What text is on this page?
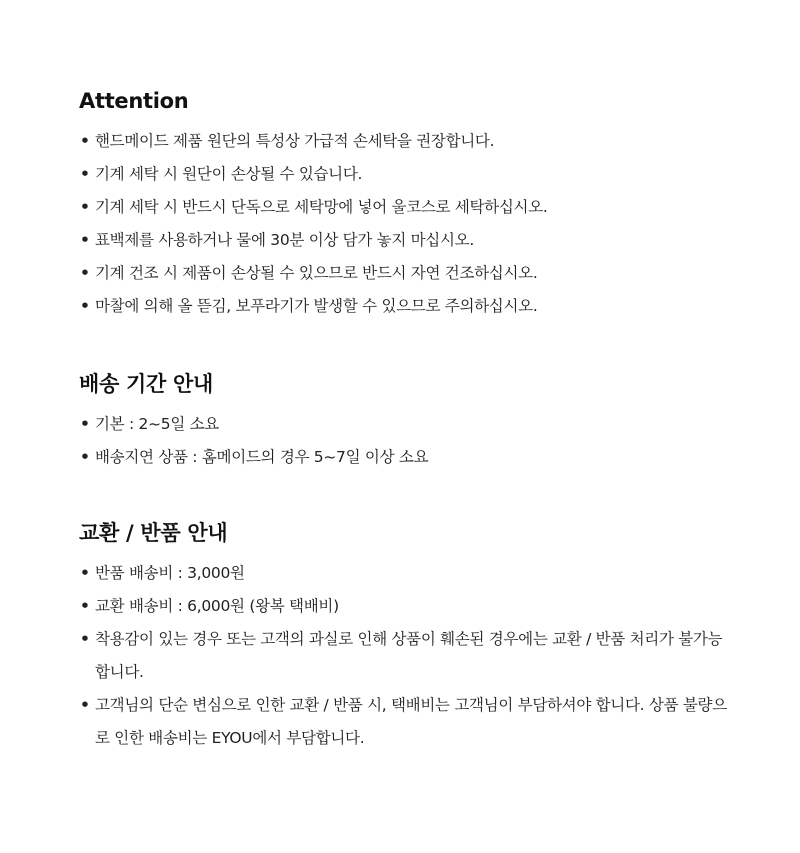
Attention
• 핸드메이드 제품 원단의 특성상 가급적 손세탁을 권장합니다.
• 기계 세탁 시 원단이 손상될 수 있습니다.
• 기계 세탁 시 반드시 단독으로 세탁망에 넣어 울코스로 세탁하십시오.
• 표백제를 사용하거나 물에 30분 이상 담가 놓지 마십시오.
• 기계 건조 시 제품이 손상될 수 있으므로 반드시 자연 건조하십시오.
• 마찰에 의해 올 뜯김, 보푸라기가 발생할 수 있으므로 주의하십시오.
배송 기간 안내
• 기본 : 2~5일 소요
• 배송지연 상품 : 홈메이드의 경우 5~7일 이상 소요
교환 / 반품 안내
• 반품 배송비 : 3,000원
• 교환 배송비 : 6,000원 (왕복 택배비)
• 착용감이 있는 경우 또는 고객의 과실로 인해 상품이 훼손된 경우에는 교환 / 반품 처리가 불가능합니다.
• 고객님의 단순 변심으로 인한 교환 / 반품 시, 택배비는 고객님이 부담하셔야 합니다. 상품 불량으로 인한 배송비는 EYOU에서 부담합니다.
